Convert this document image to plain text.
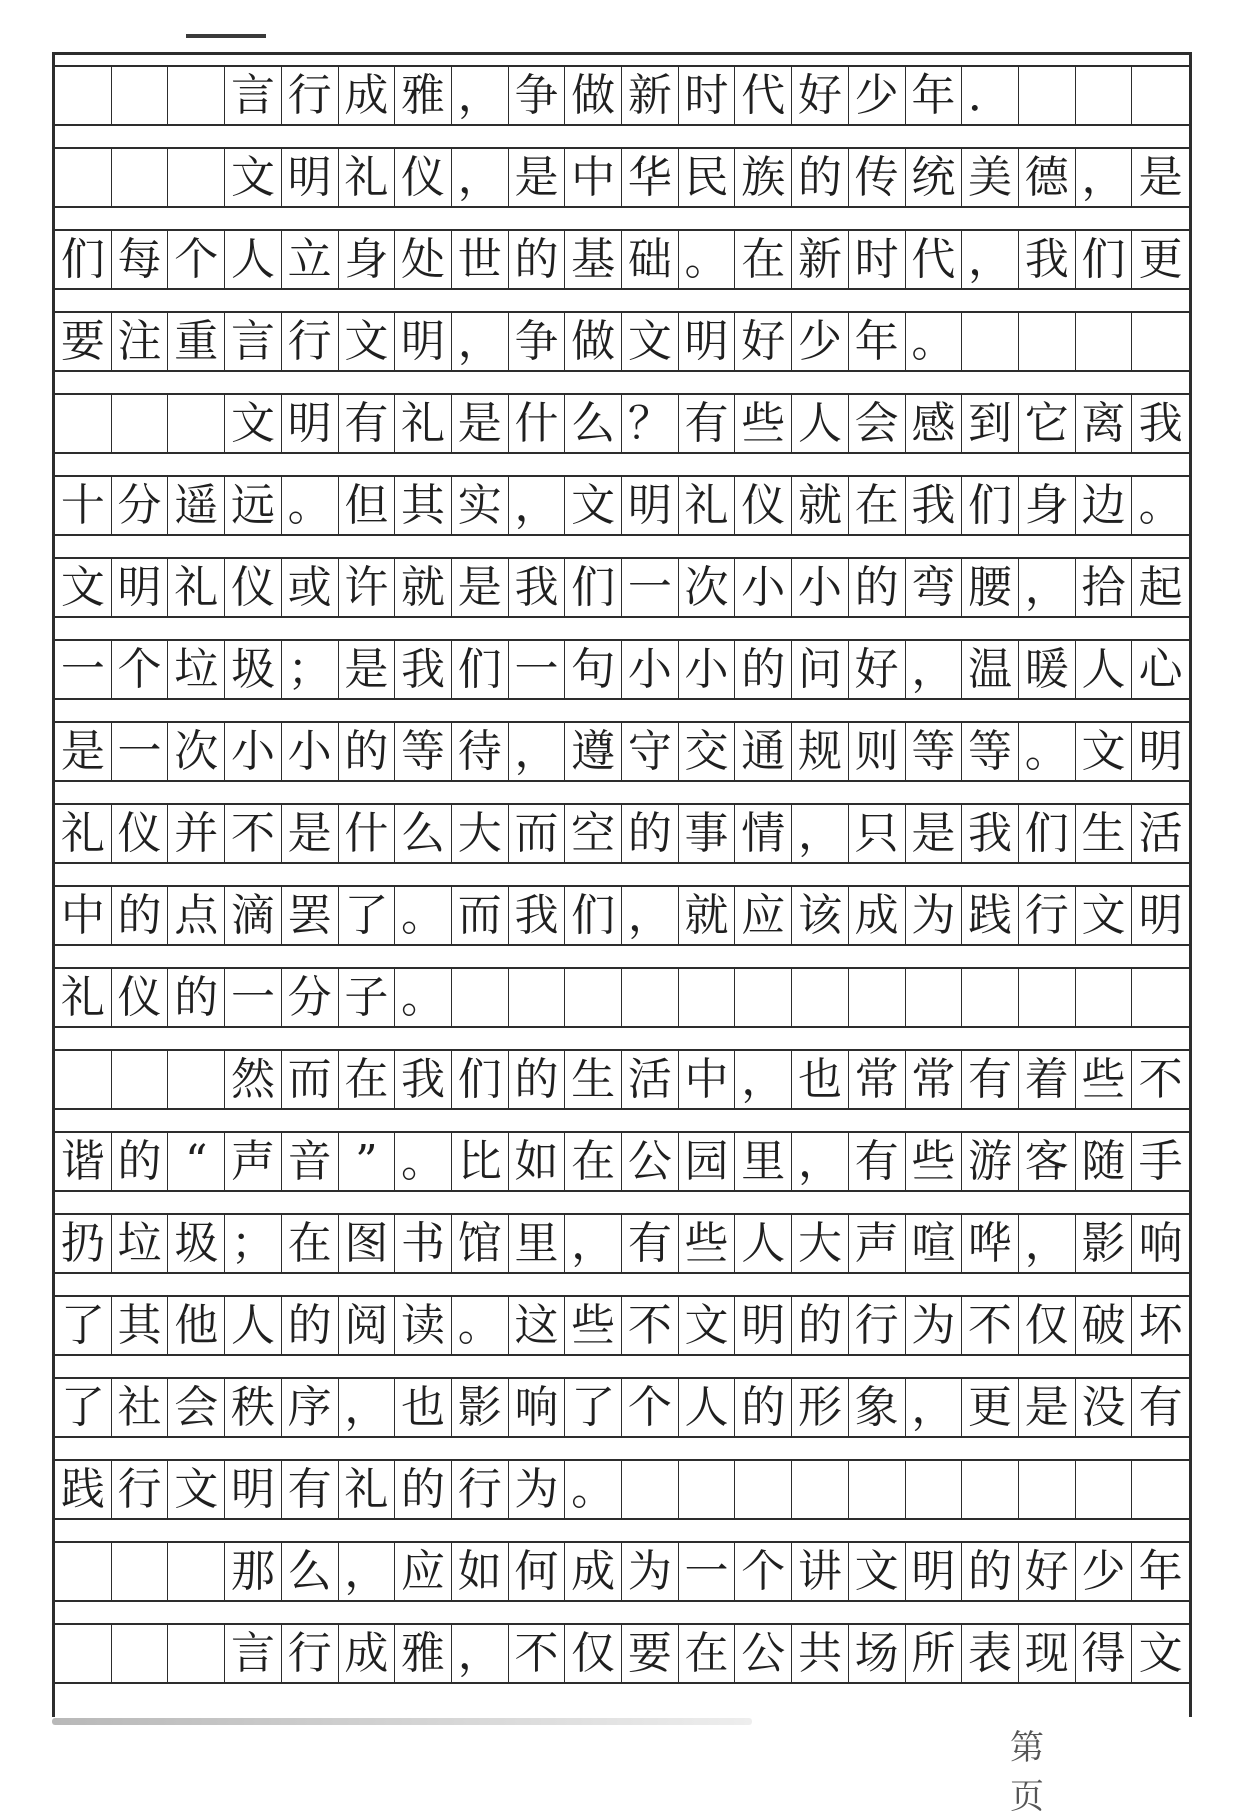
言 行 成 雅 ， 争 做 新 时 代 好 少 年 ．
文 明 礼 仪 ， 是 中 华 民 族 的 传 统 美 德 ， 是
们 每 个 人 立 身 处 世 的 基 础 。 在 新 时 代 ， 我 们 更
要 注 重 言 行 文 明 ， 争 做 文 明 好 少 年 。
文 明 有 礼 是 什 么 ？ 有 些 人 会 感 到 它 离 我
十 分 遥 远 。 但 其 实 ， 文 明 礼 仪 就 在 我 们 身 边 。
文 明 礼 仪 或 许 就 是 我 们 一 次 小 小 的 弯 腰 ， 拾 起
一 个 垃 圾 ； 是 我 们 一 句 小 小 的 问 好 ， 温 暖 人 心
是 一 次 小 小 的 等 待 ， 遵 守 交 通 规 则 等 等 。 文 明
礼 仪 并 不 是 什 么 大 而 空 的 事 情 ， 只 是 我 们 生 活
中 的 点 滴 罢 了 。 而 我 们 ， 就 应 该 成 为 践 行 文 明
礼 仪 的 一 分 子 。
然 而 在 我 们 的 生 活 中 ， 也 常 常 有 着 些 不
谐 的 “ 声 音 ” 。 比 如 在 公 园 里 ， 有 些 游 客 随 手
扔 垃 圾 ； 在 图 书 馆 里 ， 有 些 人 大 声 喧 哗 ， 影 响
了 其 他 人 的 阅 读 。 这 些 不 文 明 的 行 为 不 仅 破 坏
了 社 会 秩 序 ， 也 影 响 了 个 人 的 形 象 ， 更 是 没 有
践 行 文 明 有 礼 的 行 为 。
那 么 ， 应 如 何 成 为 一 个 讲 文 明 的 好 少 年
言 行 成 雅 ， 不 仅 要 在 公 共 场 所 表 现 得 文
第　页
